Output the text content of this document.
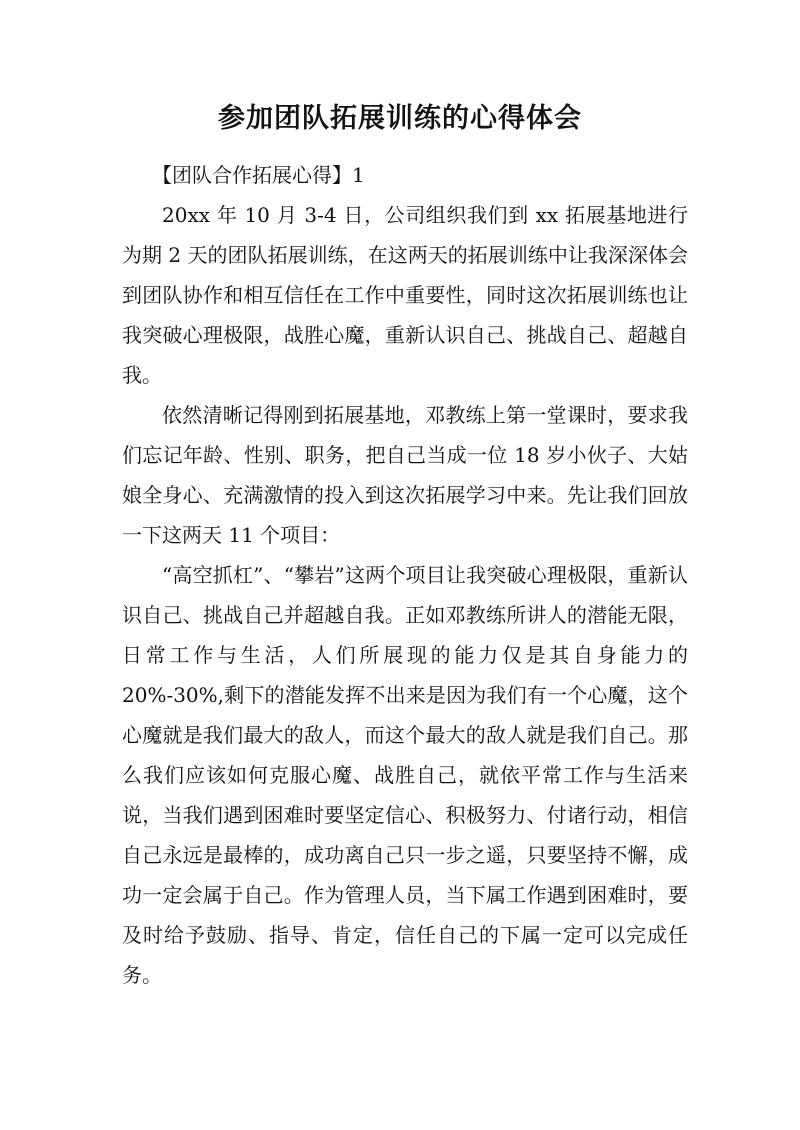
参加团队拓展训练的心得体会

【团队合作拓展心得】1

20xx 年 10 月 3-4 日，公司组织我们到 xx 拓展基地进行为期 2 天的团队拓展训练，在这两天的拓展训练中让我深深体会到团队协作和相互信任在工作中重要性，同时这次拓展训练也让我突破心理极限，战胜心魔，重新认识自己、挑战自己、超越自我。

依然清晰记得刚到拓展基地，邓教练上第一堂课时，要求我们忘记年龄、性别、职务，把自己当成一位 18 岁小伙子、大姑娘全身心、充满激情的投入到这次拓展学习中来。先让我们回放一下这两天 11 个项目：

“高空抓杠”、“攀岩”这两个项目让我突破心理极限，重新认识自己、挑战自己并超越自我。正如邓教练所讲人的潜能无限，日常工作与生活，人们所展现的能力仅是其自身能力的 20%-30%,剩下的潜能发挥不出来是因为我们有一个心魔，这个心魔就是我们最大的敌人，而这个最大的敌人就是我们自己。那么我们应该如何克服心魔、战胜自己，就依平常工作与生活来说，当我们遇到困难时要坚定信心、积极努力、付诸行动，相信自己永远是最棒的，成功离自己只一步之遥，只要坚持不懈，成功一定会属于自己。作为管理人员，当下属工作遇到困难时，要及时给予鼓励、指导、肯定，信任自己的下属一定可以完成任务。
